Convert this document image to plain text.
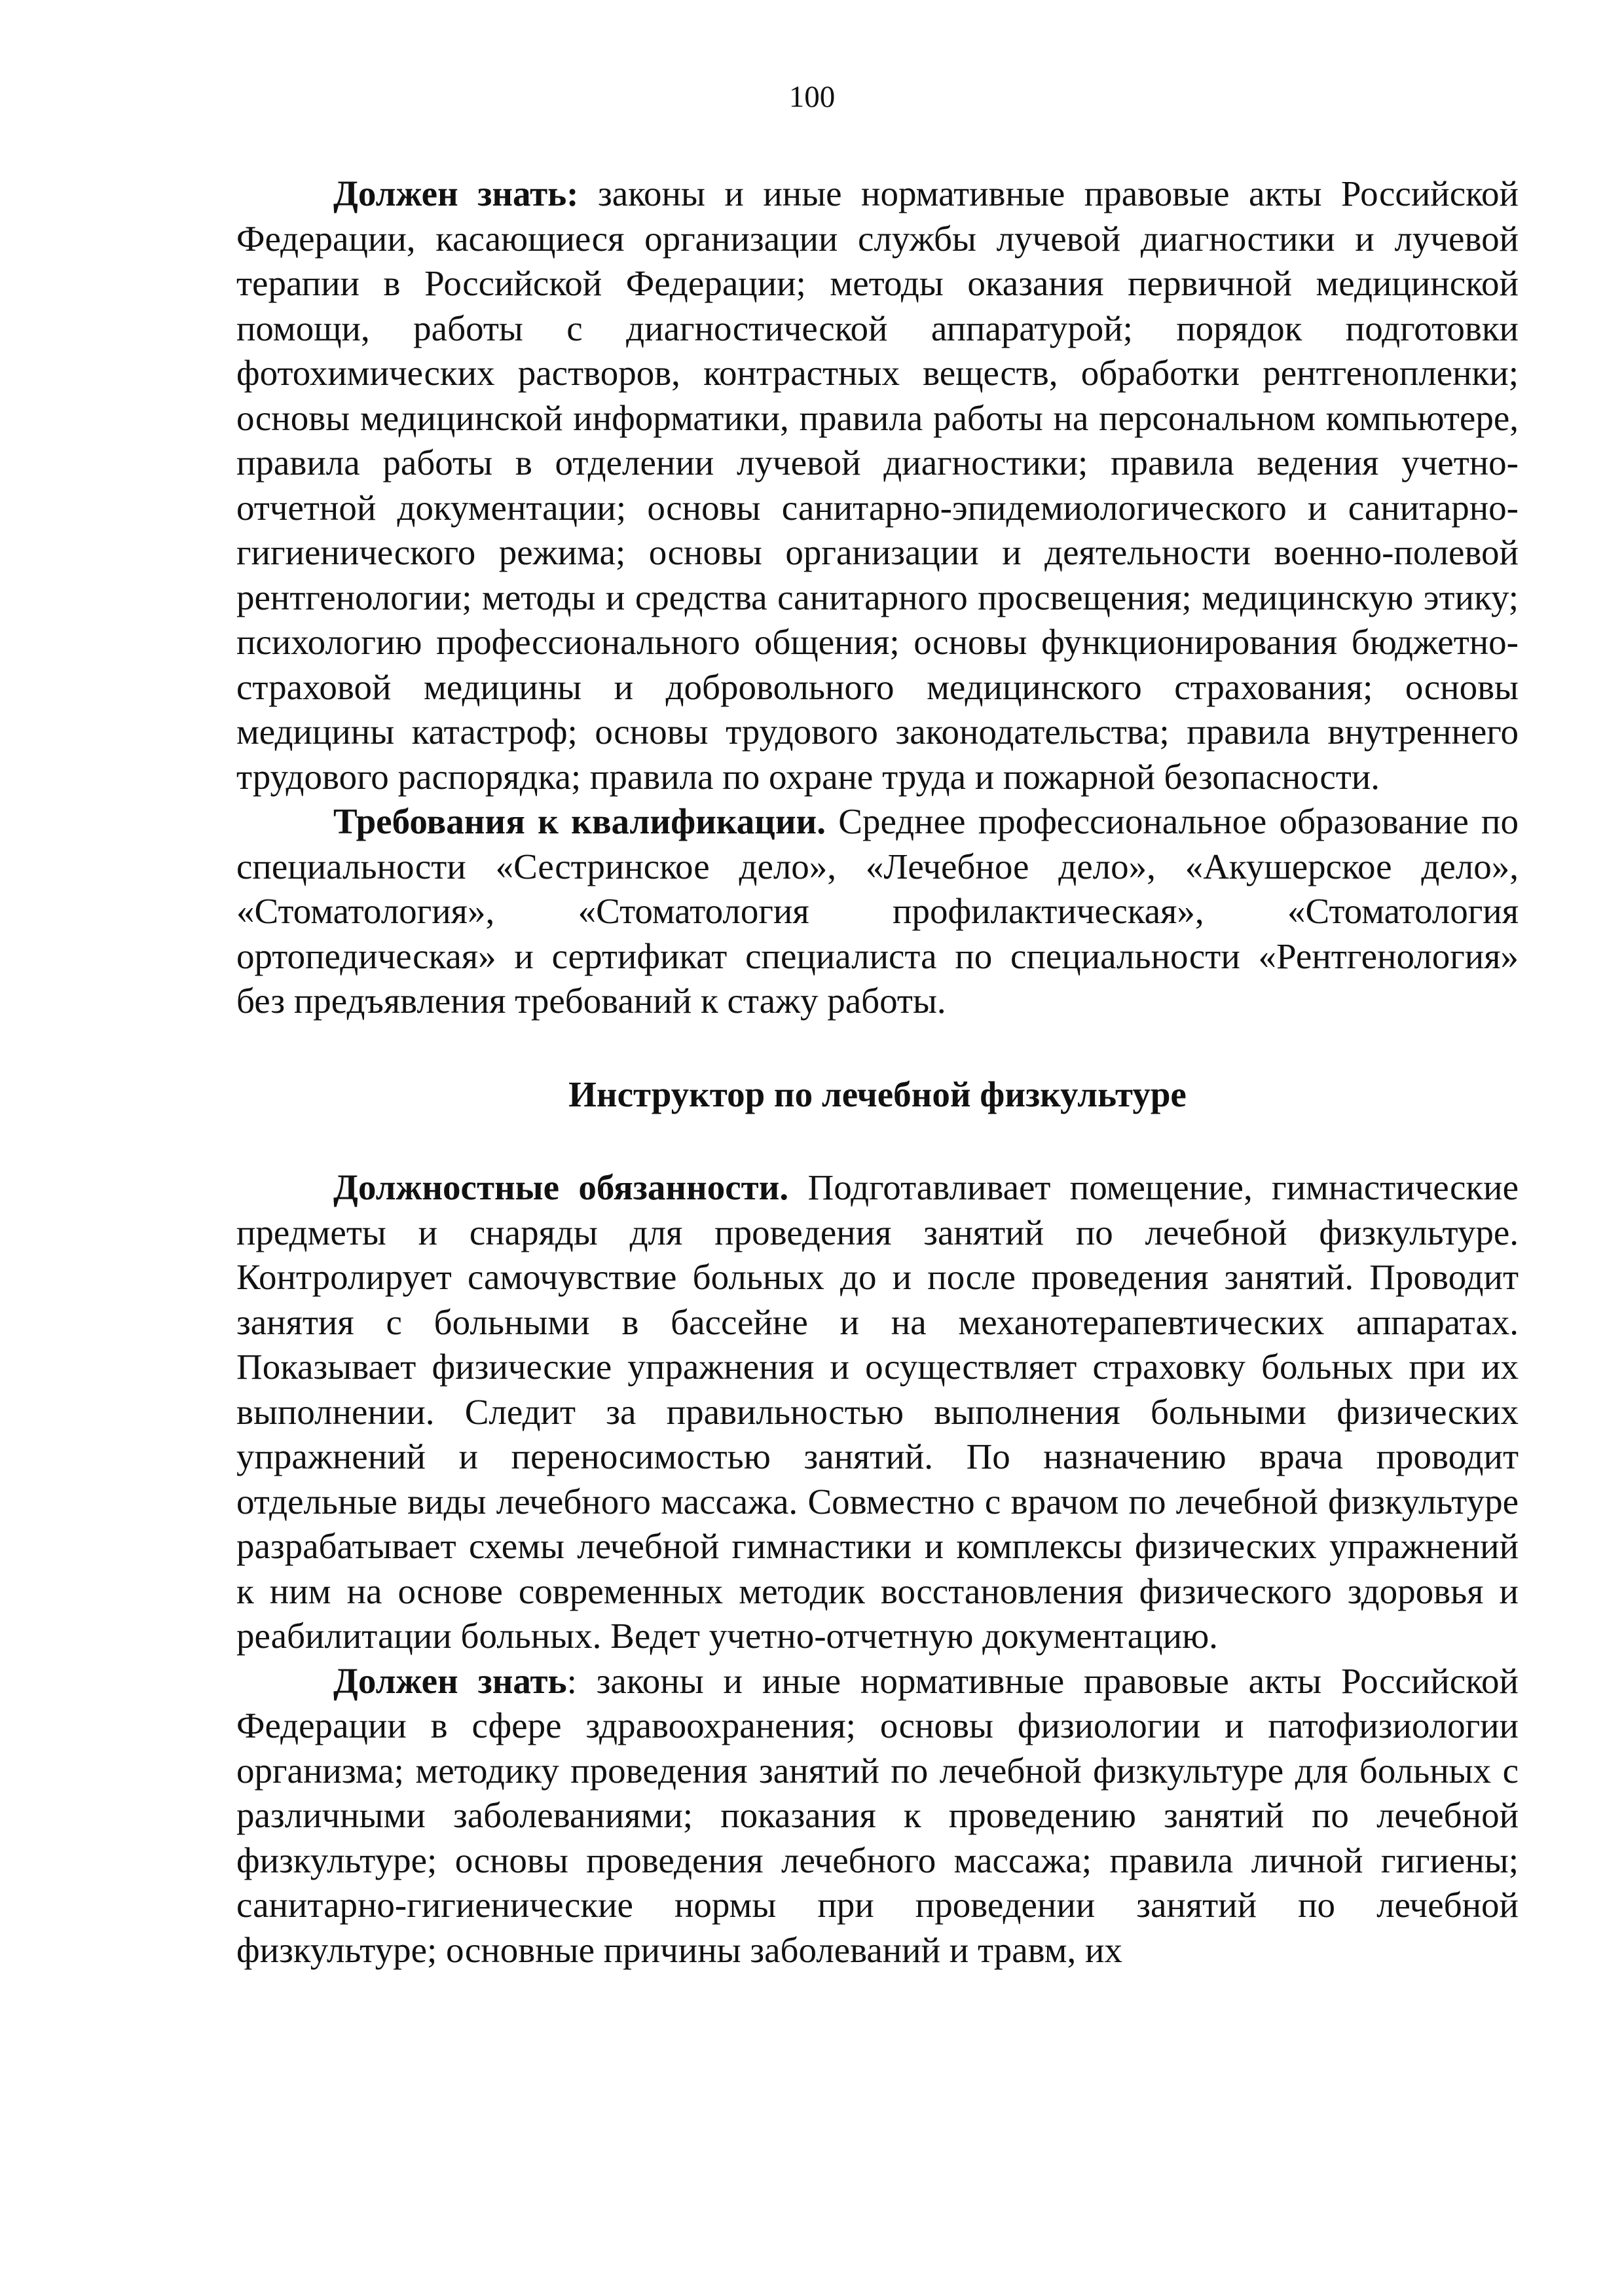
100

Должен знать: законы и иные нормативные правовые акты Российской Федерации, касающиеся организации службы лучевой диагностики и лучевой терапии в Российской Федерации; методы оказания первичной медицинской помощи, работы с диагностической аппаратурой; порядок подготовки фотохимических растворов, контрастных веществ, обработки рентгенопленки; основы медицинской информатики, правила работы на персональном компьютере, правила работы в отделении лучевой диагностики; правила ведения учетно-отчетной документации; основы санитарно-эпидемиологического и санитарно-гигиенического режима; основы организации и деятельности военно-полевой рентгенологии; методы и средства санитарного просвещения; медицинскую этику; психологию профессионального общения; основы функционирования бюджетно-страховой медицины и добровольного медицинского страхования; основы медицины катастроф; основы трудового законодательства; правила внутреннего трудового распорядка; правила по охране труда и пожарной безопасности.

Требования к квалификации. Среднее профессиональное образование по специальности «Сестринское дело», «Лечебное дело», «Акушерское дело», «Стоматология», «Стоматология профилактическая», «Стоматология ортопедическая» и сертификат специалиста по специальности «Рентгенология» без предъявления требований к стажу работы.

Инструктор по лечебной физкультуре

Должностные обязанности. Подготавливает помещение, гимнастические предметы и снаряды для проведения занятий по лечебной физкультуре. Контролирует самочувствие больных до и после проведения занятий. Проводит занятия с больными в бассейне и на механотерапевтических аппаратах. Показывает физические упражнения и осуществляет страховку больных при их выполнении. Следит за правильностью выполнения больными физических упражнений и переносимостью занятий. По назначению врача проводит отдельные виды лечебного массажа. Совместно с врачом по лечебной физкультуре разрабатывает схемы лечебной гимнастики и комплексы физических упражнений к ним на основе современных методик восстановления физического здоровья и реабилитации больных. Ведет учетно-отчетную документацию.

Должен знать: законы и иные нормативные правовые акты Российской Федерации в сфере здравоохранения; основы физиологии и патофизиологии организма; методику проведения занятий по лечебной физкультуре для больных с различными заболеваниями; показания к проведению занятий по лечебной физкультуре; основы проведения лечебного массажа; правила личной гигиены; санитарно-гигиенические нормы при проведении занятий по лечебной физкультуре; основные причины заболеваний и травм, их
